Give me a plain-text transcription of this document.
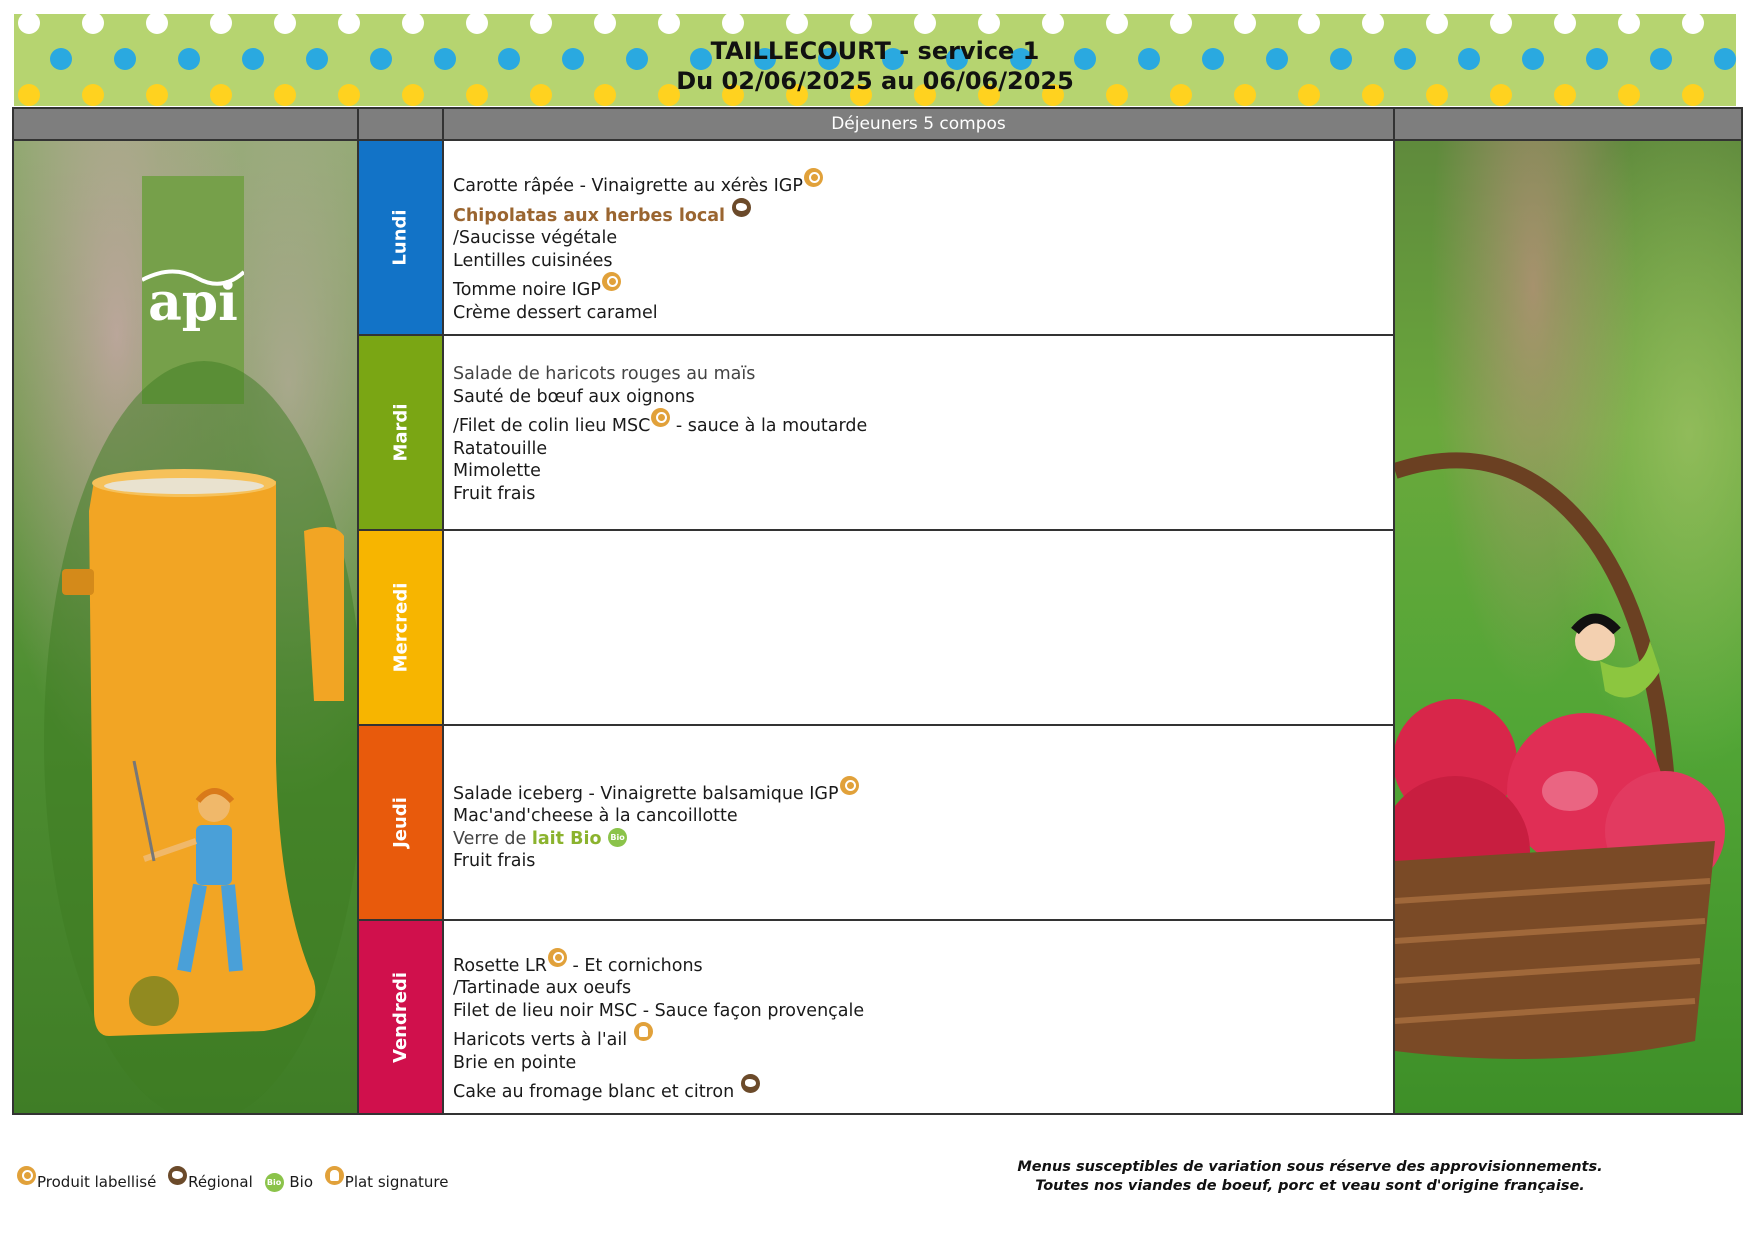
TAILLECOURT - service 1
Du 02/06/2025 au 06/06/2025
Déjeuners 5 compos
api
Lundi
Carotte râpée - Vinaigrette au xérès IGP
Chipolatas aux herbes local
/Saucisse végétale
Lentilles cuisinées
Tomme noire IGP
Crème dessert caramel
Mardi
Salade de haricots rouges au maïs
Sauté de bœuf aux oignons
/Filet de colin lieu MSC - sauce à la moutarde
Ratatouille
Mimolette
Fruit frais
Mercredi
Jeudi
Salade iceberg - Vinaigrette balsamique IGP
Mac'and'cheese à la cancoillotte
Verre de lait Bio Bio
Fruit frais
Vendredi
Rosette LR - Et cornichons
/Tartinade aux oeufs
Filet de lieu noir MSC - Sauce façon provençale
Haricots verts à l'ail
Brie en pointe
Cake au fromage blanc et citron
Produit labellisé Régional Bio Bio Plat signature
Menus susceptibles de variation sous réserve des approvisionnements.
Toutes nos viandes de boeuf, porc et veau sont d'origine française.
